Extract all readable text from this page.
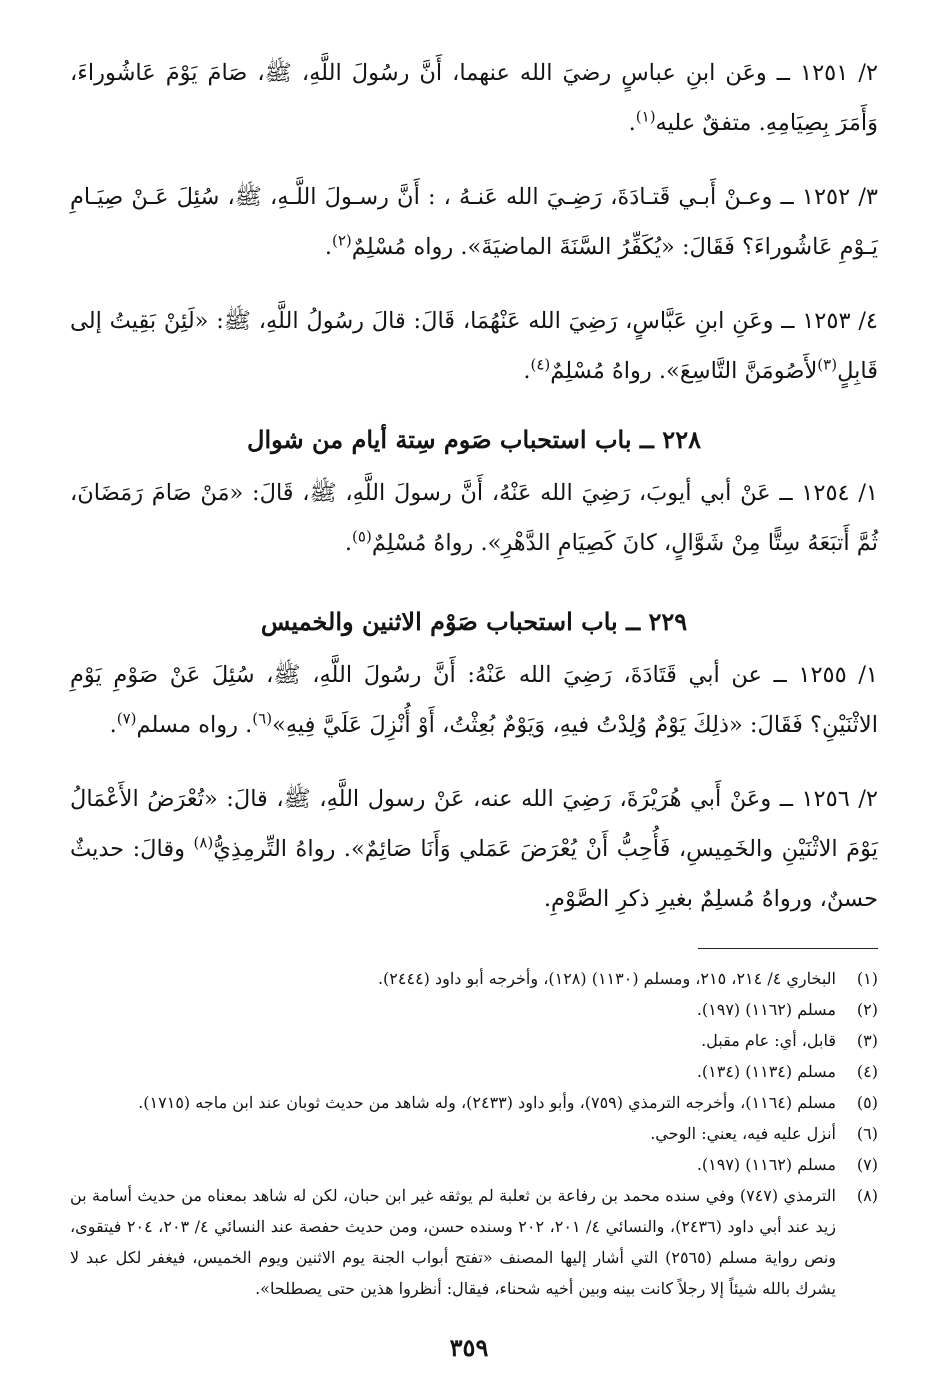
٢/ ١٢٥١ ــ وعَن ابنِ عباسٍ رضيَ الله عنهما، أَنَّ رسُولَ اللَّهِ، ﷺ، صَامَ يَوْمَ عَاشُوراءَ، وَأَمَرَ بِصِيَامِهِ. متفقٌ عليه$^{(١)}$.

٣/ ١٢٥٢ ــ وعـنْ أَبـي قَتـادَةَ، رَضِـيَ الله عَنـهُ ، : أَنَّ رسـولَ اللَّـهِ، ﷺ، سُئِلَ عَـنْ صِيَـامِ يَـوْمِ عَاشُوراءَ؟ فَقَالَ: «يُكَفِّرُ السَّنَةَ الماضيَةَ». رواه مُسْلِمٌ$^{(٢)}$.

٤/ ١٢٥٣ ــ وعَنِ ابنِ عَبَّاسٍ، رَضِيَ الله عَنْهُمَا، قَالَ: قالَ رسُولُ اللَّهِ، ﷺ: «لَئِنْ بَقِيتُ إلى قَابِلٍ$^{(٣)}$لأَصُومَنَّ التَّاسِعَ». رواهُ مُسْلِمٌ$^{(٤)}$.

٢٢٨ ــ باب استحباب صَوم سِتة أيام من شوال

١/ ١٢٥٤ ــ عَنْ أبي أيوبَ، رَضِيَ الله عَنْهُ، أَنَّ رسولَ اللَّهِ، ﷺ، قَالَ: «مَنْ صَامَ رَمَضَانَ، ثُمَّ أَتبَعَهُ سِتًّا مِنْ شَوَّالٍ، كانَ كَصِيَامِ الدَّهْرِ». رواهُ مُسْلِمٌ$^{(٥)}$.

٢٢٩ ــ باب استحباب صَوْم الاثنين والخميس

١/ ١٢٥٥ ــ عن أبي قَتَادَةَ، رَضِيَ الله عَنْهُ: أَنَّ رسُولَ اللَّهِ، ﷺ، سُئِلَ عَنْ صَوْمِ يَوْمِ الاثْنَيْنِ؟ فَقَالَ: «ذلِكَ يَوْمٌ وُلِدْتُ فيهِ، وَيَوْمٌ بُعِثْتُ، أَوْ أُنْزِلَ عَلَيَّ فِيهِ»$^{(٦)}$. رواه مسلم$^{(٧)}$.

٢/ ١٢٥٦ ــ وعَنْ أَبي هُرَيْرَةَ، رَضِيَ الله عنه، عَنْ رسول اللَّهِ، ﷺ، قالَ: «تُعْرَضُ الأَعْمَالُ يَوْمَ الاثْنَيْنِ والخَمِيسِ، فَأُحِبُّ أَنْ يُعْرَضَ عَمَلي وَأَنَا صَائِمٌ». رواهُ التِّرمِذِيُّ$^{(٨)}$ وقالَ: حديثٌ حسنٌ، ورواهُ مُسلِمٌ بغيرِ ذكرِ الصَّوْمِ.

(١)
البخاري ٤/ ٢١٤، ٢١٥، ومسلم (١١٣٠) (١٢٨)، وأخرجه أبو داود (٢٤٤٤).
(٢)
مسلم (١١٦٢) (١٩٧).
(٣)
قابل، أي: عام مقبل.
(٤)
مسلم (١١٣٤) (١٣٤).
(٥)
مسلم (١١٦٤)، وأخرجه الترمذي (٧٥٩)، وأبو داود (٢٤٣٣)، وله شاهد من حديث ثوبان عند ابن ماجه (١٧١٥).
(٦)
أنزل عليه فيه، يعني: الوحي.
(٧)
مسلم (١١٦٢) (١٩٧).
(٨)
الترمذي (٧٤٧) وفي سنده محمد بن رفاعة بن ثعلبة لم يوثقه غير ابن حبان، لكن له شاهد بمعناه من حديث أسامة بن زيد عند أبي داود (٢٤٣٦)، والنسائي ٤/ ٢٠١، ٢٠٢ وسنده حسن، ومن حديث حفصة عند النسائي ٤/ ٢٠٣، ٢٠٤ فيتقوى، ونص رواية مسلم (٢٥٦٥) التي أشار إليها المصنف «تفتح أبواب الجنة يوم الاثنين ويوم الخميس، فيغفر لكل عبد لا يشرك بالله شيئاً إلا رجلاً كانت بينه وبين أخيه شحناء، فيقال: أنظروا هذين حتى يصطلحا».
٣٥٩
